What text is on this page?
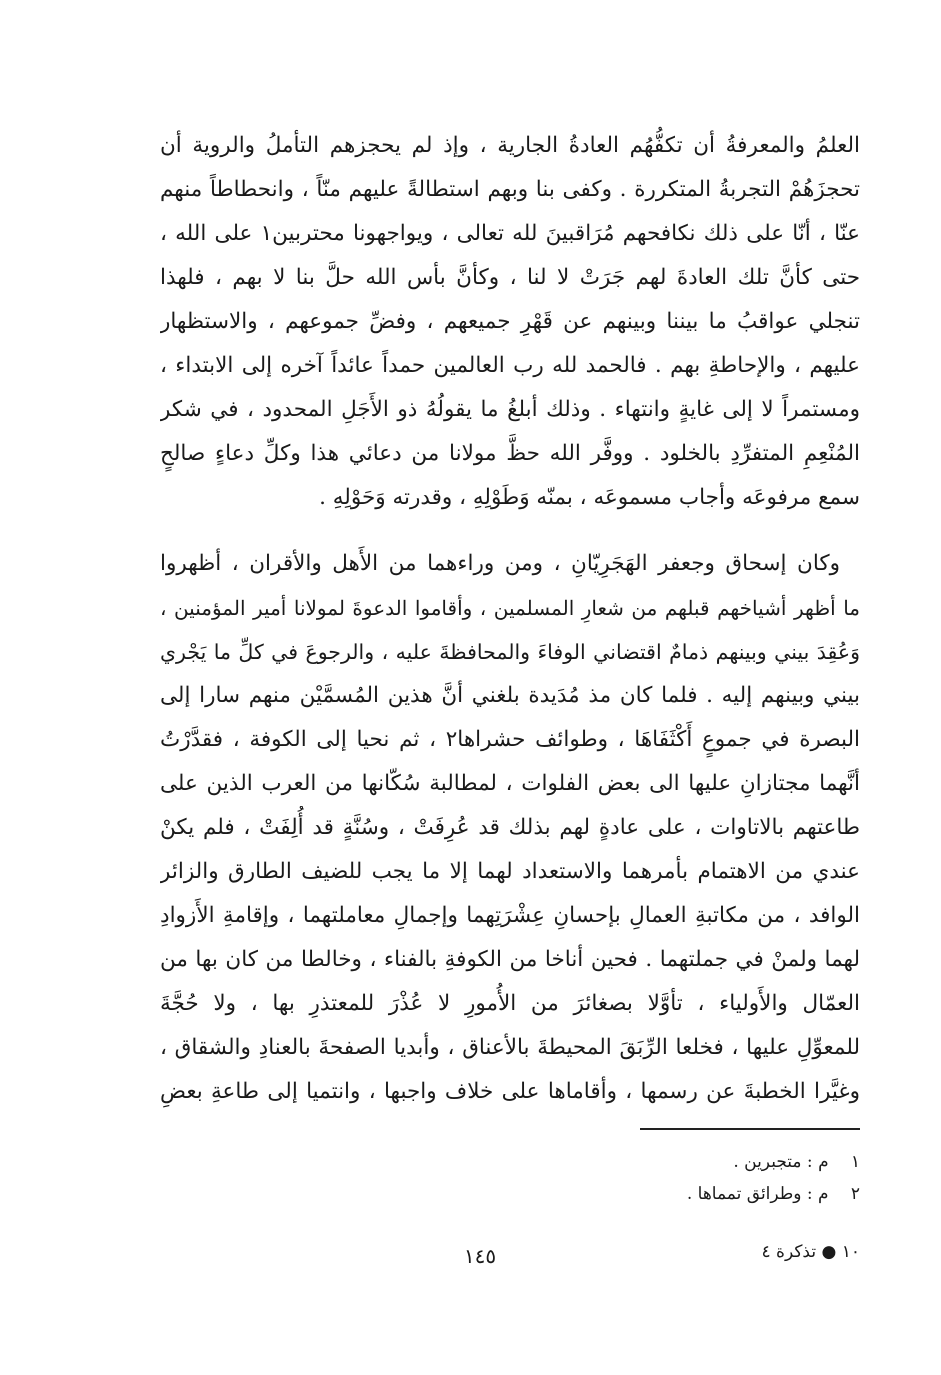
العلمُ والمعرفةُ أن تكفُّهُم العادةُ الجارية ، وإذ لم يحجزهم التأملُ والروية أن
تحجزَهُمْ التجربةُ المتكررة . وكفى بنا وبهم استطالةً عليهم منّاً ، وانحطاطاً منهم
عنّا ، أنّا على ذلك نكافحهم مُرَاقبينَ لله تعالى ، ويواجهونا محتربين١ على الله ،
حتى كأنَّ تلك العادةَ لهم جَرَتْ لا لنا ، وكأنَّ بأس الله حلَّ بنا لا بهم ، فلهذا
تنجلي عواقبُ ما بيننا وبينهم عن قَهْرِ جميعهم ، وفضِّ جموعهم ، والاستظهار
عليهم ، والإحاطةِ بهم . فالحمد لله رب العالمين حمداً عائداً آخره إلى الابتداء ،
ومستمراً لا إلى غايةٍ وانتهاء . وذلك أبلغُ ما يقولُهُ ذو الأَجَلِ المحدود ، في شكر
المُنْعِمِ المتفرِّدِ بالخلود . ووفَّر الله حظَّ مولانا من دعائي هذا وكلِّ دعاءٍ صالحٍ
سمع مرفوعَه وأجاب مسموعَه ، بمنّه وَطَوْلِهِ ، وقدرته وَحَوْلِهِ .
وكان إسحاق وجعفر الهَجَرِيّانِ ، ومن وراءهما من الأَهل والأقران ، أظهروا
ما أظهر أشياخهم قبلهم من شعارِ المسلمين ، وأقاموا الدعوةَ لمولانا أمير المؤمنين ،
وَعُقِدَ بيني وبينهم ذمامٌ اقتضاني الوفاءَ والمحافظةَ عليه ، والرجوعَ في كلِّ ما يَجْري
بيني وبينهم إليه . فلما كان مذ مُدَيدة بلغني أنَّ هذين المُسمَّيْن منهم سارا إلى
البصرة في جموعٍ أَكْثَفَاهَا ، وطوائف حشراها٢ ، ثم نحيا إلى الكوفة ، فقدَّرْتُ
أنَّهما مجتازانِ عليها الى بعض الفلوات ، لمطالبة سُكّانها من العرب الذين على
طاعتهم بالاتاوات ، على عادةٍ لهم بذلك قد عُرِفَتْ ، وسُنَّةٍ قد أُلِفَتْ ، فلم يكنْ
عندي من الاهتمام بأمرهما والاستعداد لهما إلا ما يجب للضيف الطارق والزائر
الوافد ، من مكاتبةِ العمالِ بإحسانِ عِشْرَتِهما وإجمالِ معاملتهما ، وإقامةِ الأَزوادِ
لهما ولمنْ في جملتهما . فحين أناخا من الكوفةِ بالفناء ، وخالطا من كان بها من
العمّال والأَولياء ، تأوَّلا بصغائرَ من الأُمورِ لا عُذْرَ للمعتذرِ بها ، ولا حُجَّةَ
للمعوِّلِ عليها ، فخلعا الرِّبَقَ المحيطةَ بالأعناق ، وأبديا الصفحةَ بالعنادِ والشقاق ،
وغيَّرا الخطبةَ عن رسمها ، وأقاماها على خلاف واجبها ، وانتميا إلى طاعةِ بعضِ
١ م : متجبرين .
٢ م : وطرائق تمماها .
١٤٥	١٠ ● تذكرة ٤
